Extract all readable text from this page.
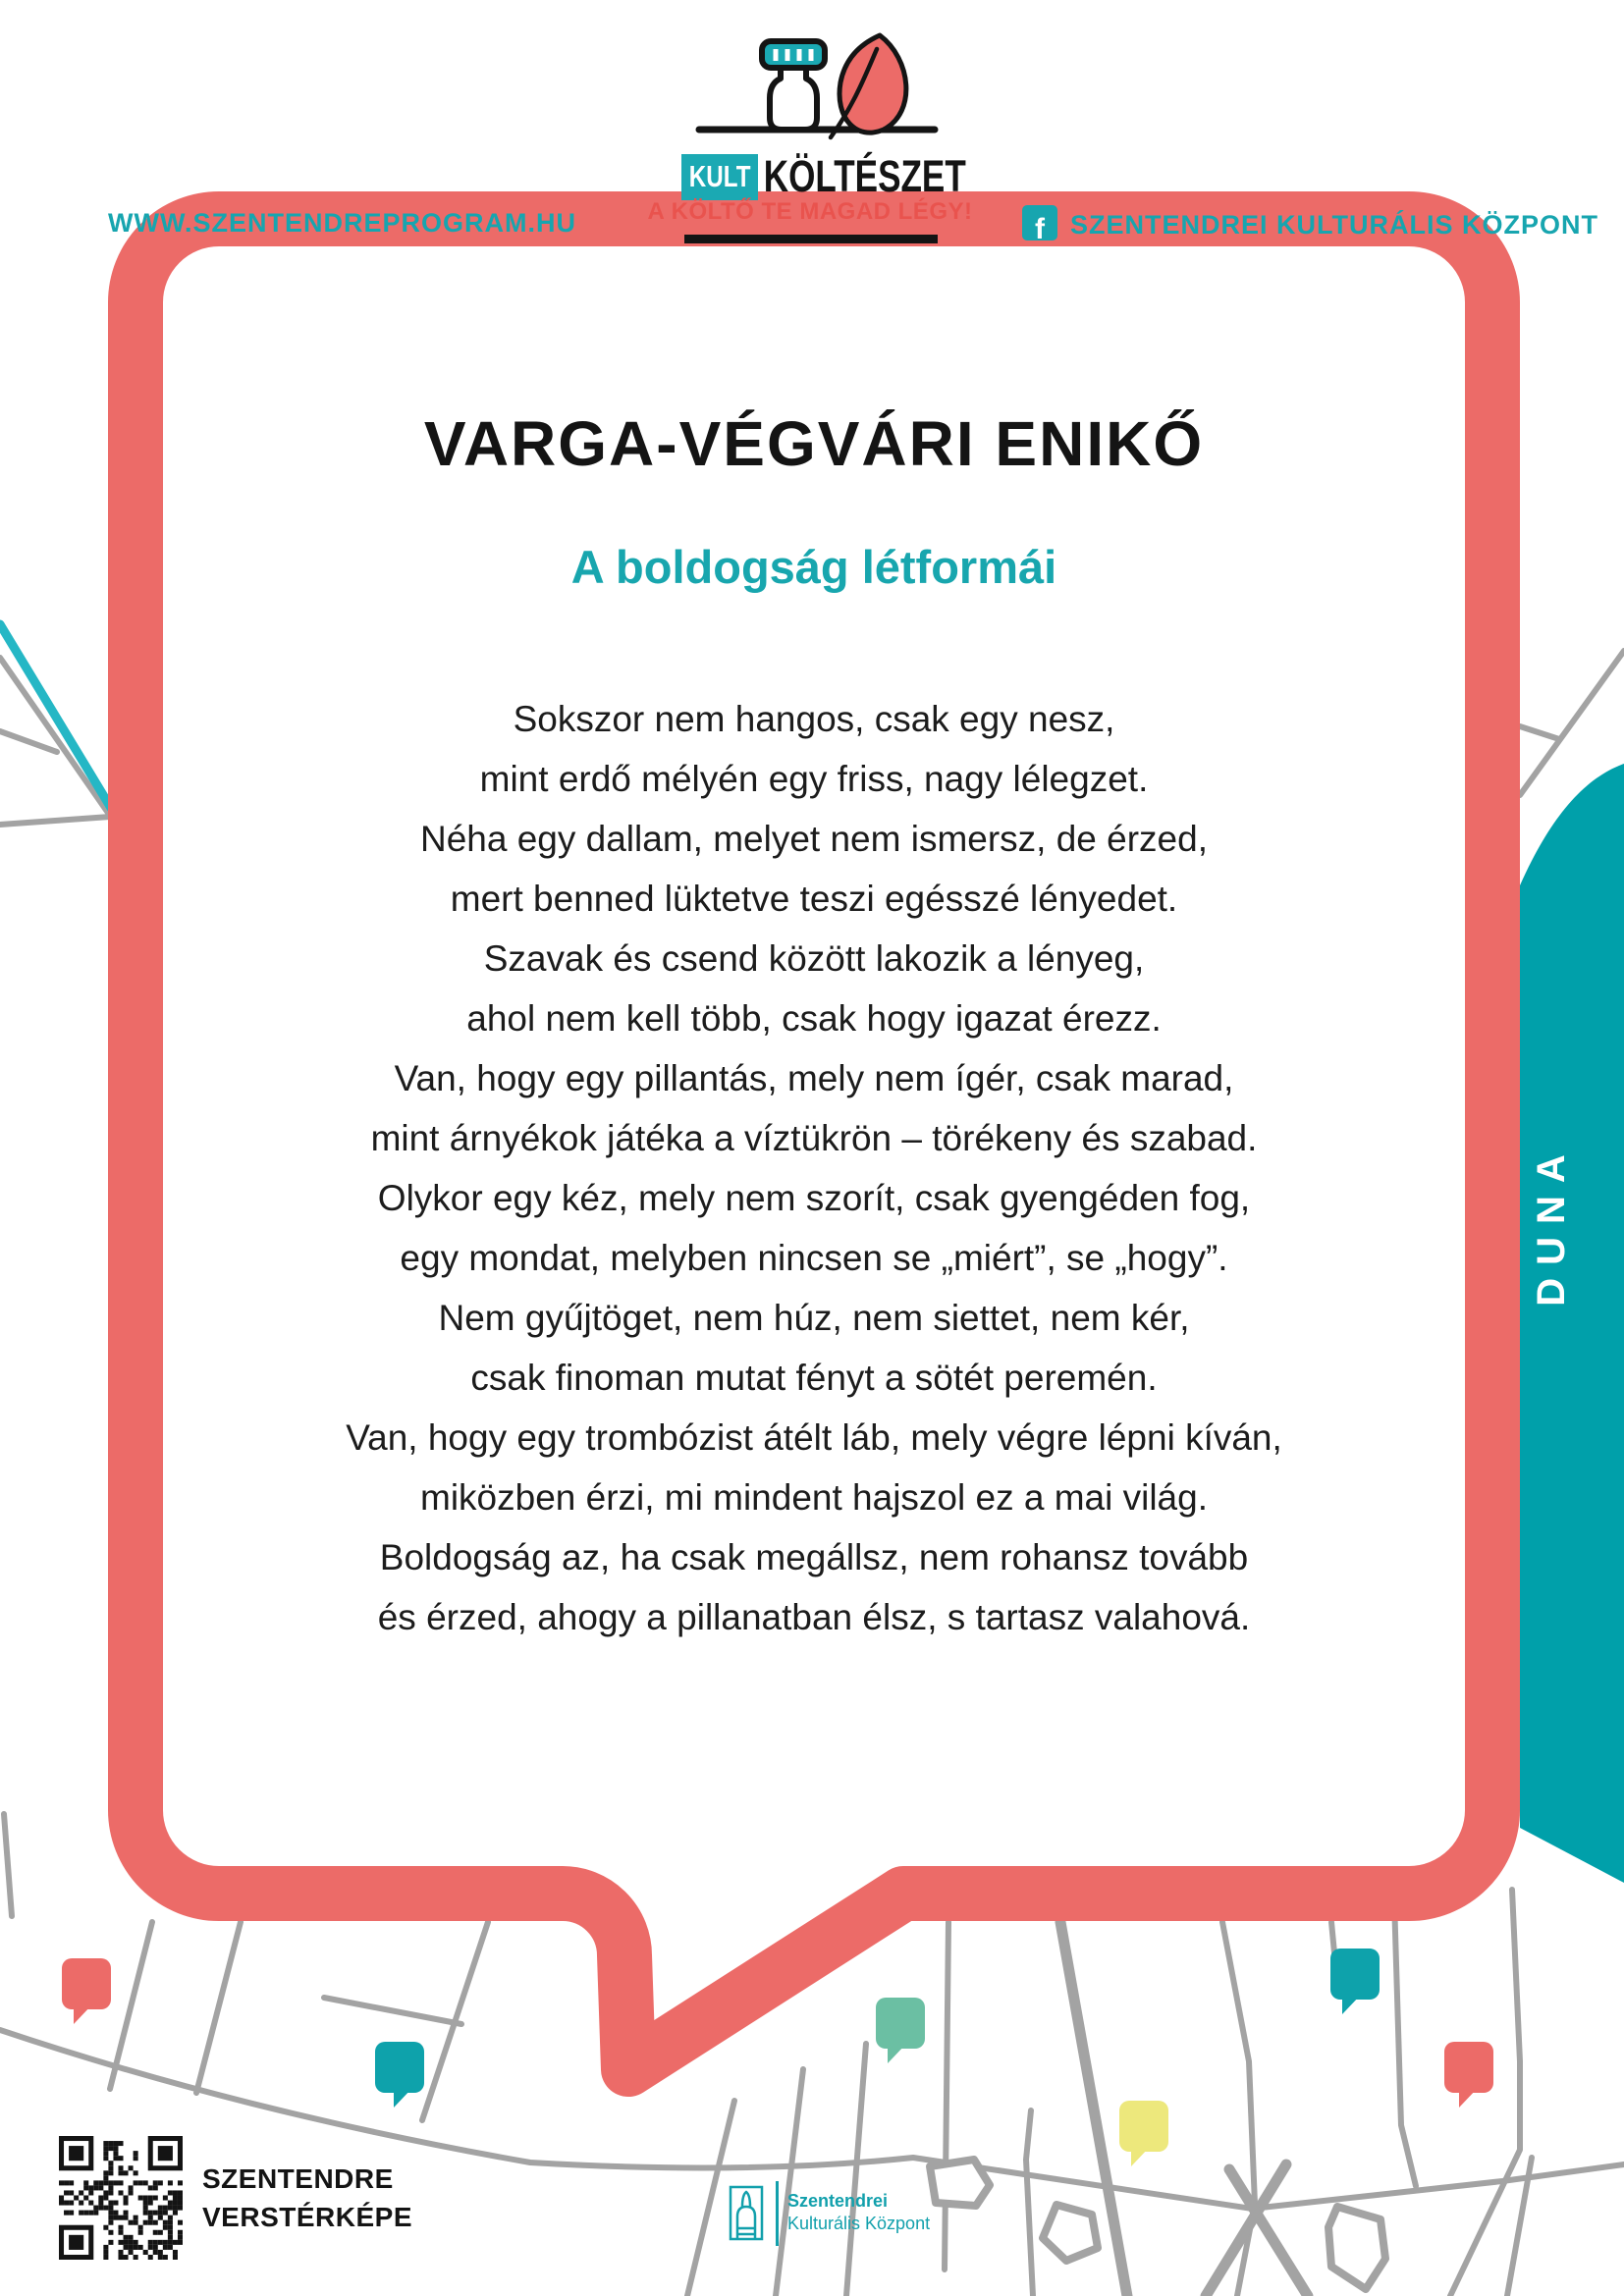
WWW.SZENTENDREPROGRAM.HU
KULT KÖLTÉSZET
A KÖLTŐ TE MAGAD LÉGY!
f SZENTENDREI KULTURÁLIS KÖZPONT
VARGA-VÉGVÁRI ENIKŐ
A boldogság létformái
Sokszor nem hangos, csak egy nesz,
mint erdő mélyén egy friss, nagy lélegzet.
Néha egy dallam, melyet nem ismersz, de érzed,
mert benned lüktetve teszi egésszé lényedet.
Szavak és csend között lakozik a lényeg,
ahol nem kell több, csak hogy igazat érezz.
Van, hogy egy pillantás, mely nem ígér, csak marad,
mint árnyékok játéka a víztükrön – törékeny és szabad.
Olykor egy kéz, mely nem szorít, csak gyengéden fog,
egy mondat, melyben nincsen se „miért”, se „hogy”.
Nem gyűjtöget, nem húz, nem siettet, nem kér,
csak finoman mutat fényt a sötét peremén.
Van, hogy egy trombózist átélt láb, mely végre lépni kíván,
miközben érzi, mi mindent hajszol ez a mai világ.
Boldogság az, ha csak megállsz, nem rohansz tovább
és érzed, ahogy a pillanatban élsz, s tartasz valahová.
DUNA
SZENTENDRE
VERSTÉRKÉPE
Szentendrei
Kulturális Központ
